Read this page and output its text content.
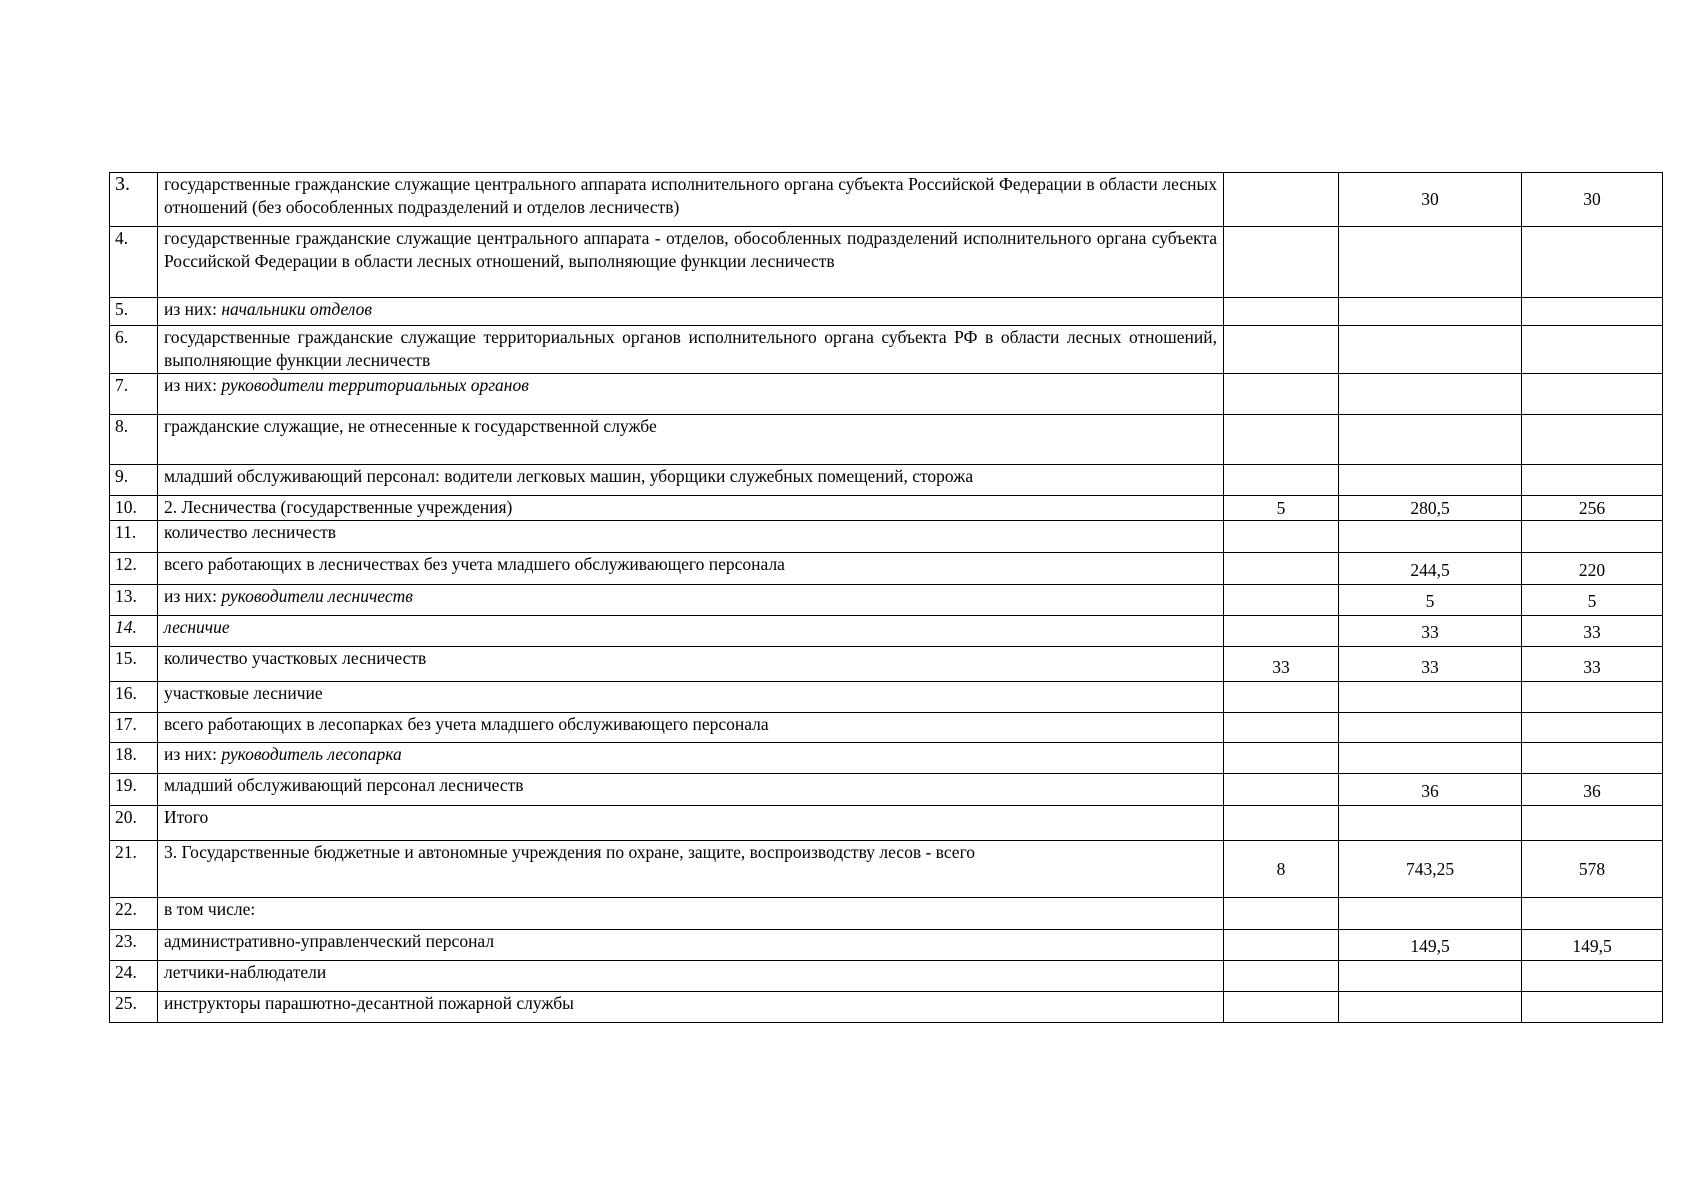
3.	государственные гражданские служащие центрального аппарата исполнительного органа субъекта Российской Федерации в области лесных отношений (без обособленных подразделений и отделов лесничеств)		30	30
4.	государственные гражданские служащие центрального аппарата - отделов, обособленных подразделений исполнительного органа субъекта Российской Федерации в области лесных отношений, выполняющие функции лесничеств			
5.	из них: начальники отделов			
6.	государственные гражданские служащие территориальных органов исполнительного органа субъекта РФ в области лесных отношений, выполняющие функции лесничеств			
7.	из них: руководители территориальных органов			
8.	гражданские служащие, не отнесенные к государственной службе			
9.	младший обслуживающий персонал: водители легковых машин, уборщики служебных помещений, сторожа			
10.	2. Лесничества (государственные учреждения)	5	280,5	256
11.	количество лесничеств			
12.	всего работающих в лесничествах без учета младшего обслуживающего персонала		244,5	220
13.	из них: руководители лесничеств		5	5
14.	лесничие		33	33
15.	количество участковых лесничеств	33	33	33
16.	участковые лесничие			
17.	всего работающих в лесопарках без учета младшего обслуживающего персонала			
18.	из них: руководитель лесопарка			
19.	младший обслуживающий персонал лесничеств		36	36
20.	Итого			
21.	3. Государственные бюджетные и автономные учреждения по охране, защите, воспроизводству лесов - всего	8	743,25	578
22.	в том числе:			
23.	административно-управленческий персонал		149,5	149,5
24.	летчики-наблюдатели			
25.	инструкторы парашютно-десантной пожарной службы			
